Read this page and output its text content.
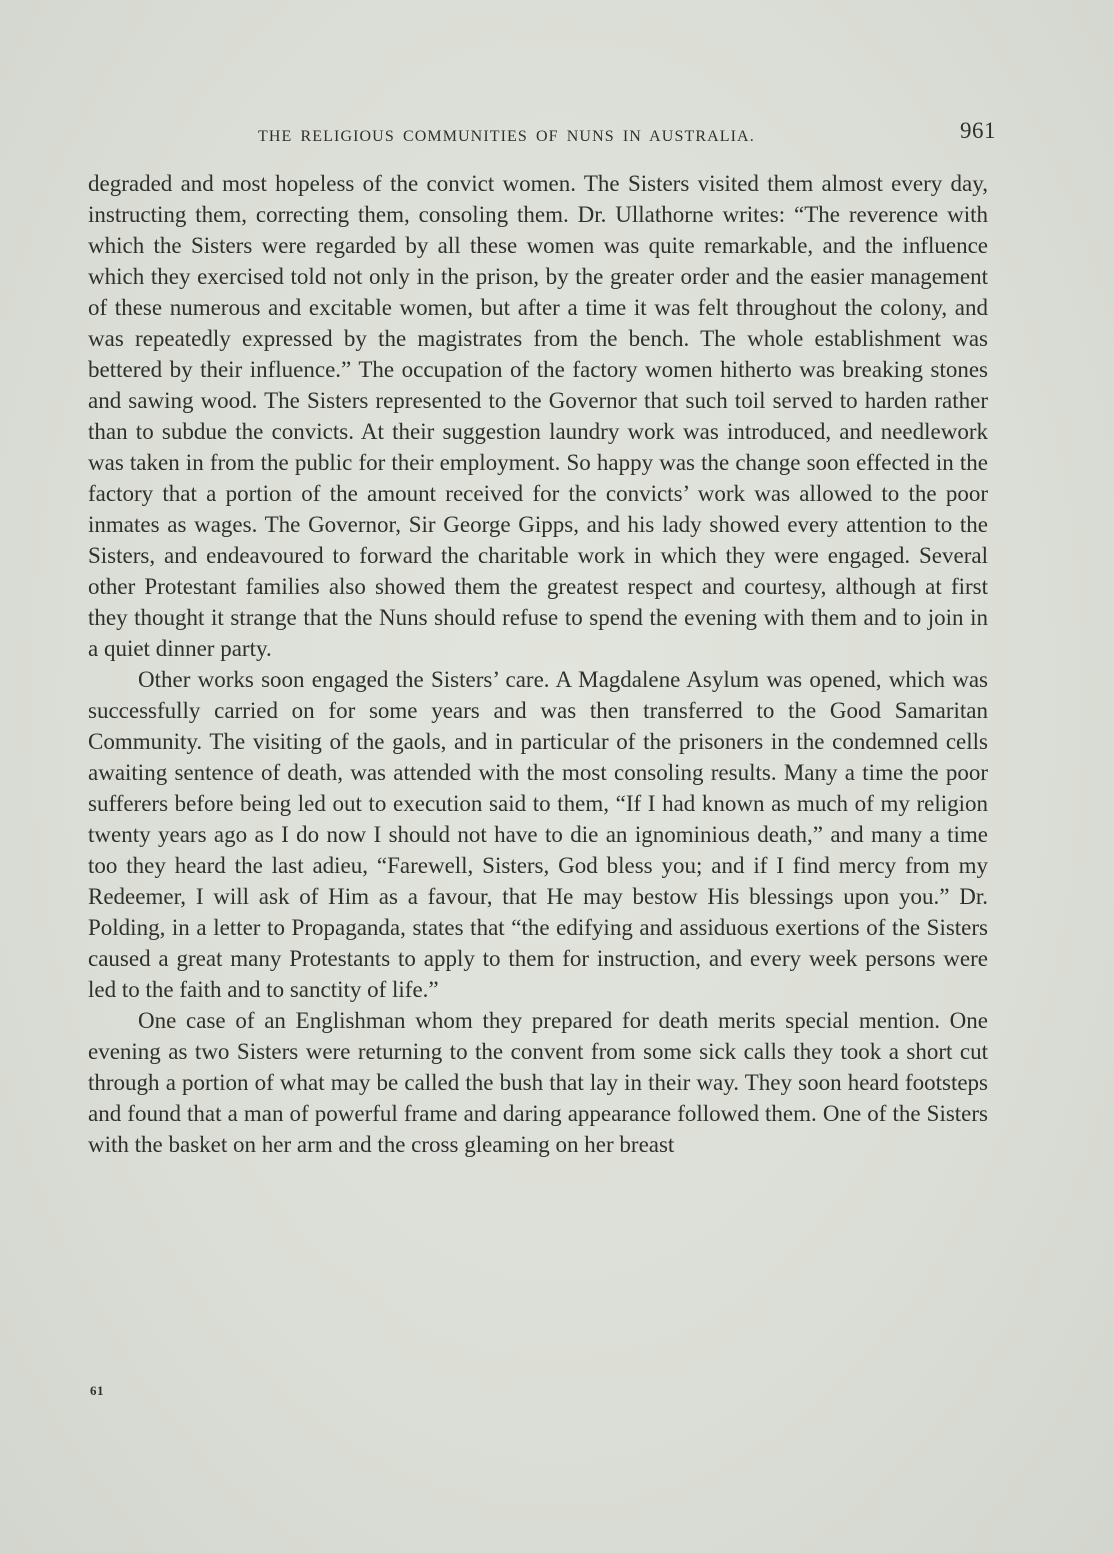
THE RELIGIOUS COMMUNITIES OF NUNS IN AUSTRALIA.	961

degraded and most hopeless of the convict women. The Sisters visited them almost every day, instructing them, correcting them, consoling them. Dr. Ullathorne writes: “The reverence with which the Sisters were regarded by all these women was quite remarkable, and the influence which they exercised told not only in the prison, by the greater order and the easier management of these numerous and excitable women, but after a time it was felt throughout the colony, and was repeatedly expressed by the magistrates from the bench. The whole establishment was bettered by their influence.” The occupation of the factory women hitherto was breaking stones and sawing wood. The Sisters represented to the Governor that such toil served to harden rather than to subdue the convicts. At their suggestion laundry work was introduced, and needlework was taken in from the public for their employment. So happy was the change soon effected in the factory that a portion of the amount received for the convicts’ work was allowed to the poor inmates as wages. The Governor, Sir George Gipps, and his lady showed every attention to the Sisters, and endeavoured to forward the charitable work in which they were engaged. Several other Protestant families also showed them the greatest respect and courtesy, although at first they thought it strange that the Nuns should refuse to spend the evening with them and to join in a quiet dinner party.

Other works soon engaged the Sisters’ care. A Magdalene Asylum was opened, which was successfully carried on for some years and was then transferred to the Good Samaritan Community. The visiting of the gaols, and in particular of the prisoners in the condemned cells awaiting sentence of death, was attended with the most consoling results. Many a time the poor sufferers before being led out to execution said to them, “If I had known as much of my religion twenty years ago as I do now I should not have to die an ignominious death,” and many a time too they heard the last adieu, “Farewell, Sisters, God bless you; and if I find mercy from my Redeemer, I will ask of Him as a favour, that He may bestow His blessings upon you.” Dr. Polding, in a letter to Propaganda, states that “the edifying and assiduous exertions of the Sisters caused a great many Protestants to apply to them for instruction, and every week persons were led to the faith and to sanctity of life.”

One case of an Englishman whom they prepared for death merits special mention. One evening as two Sisters were returning to the convent from some sick calls they took a short cut through a portion of what may be called the bush that lay in their way. They soon heard footsteps and found that a man of powerful frame and daring appearance followed them. One of the Sisters with the basket on her arm and the cross gleaming on her breast

61
